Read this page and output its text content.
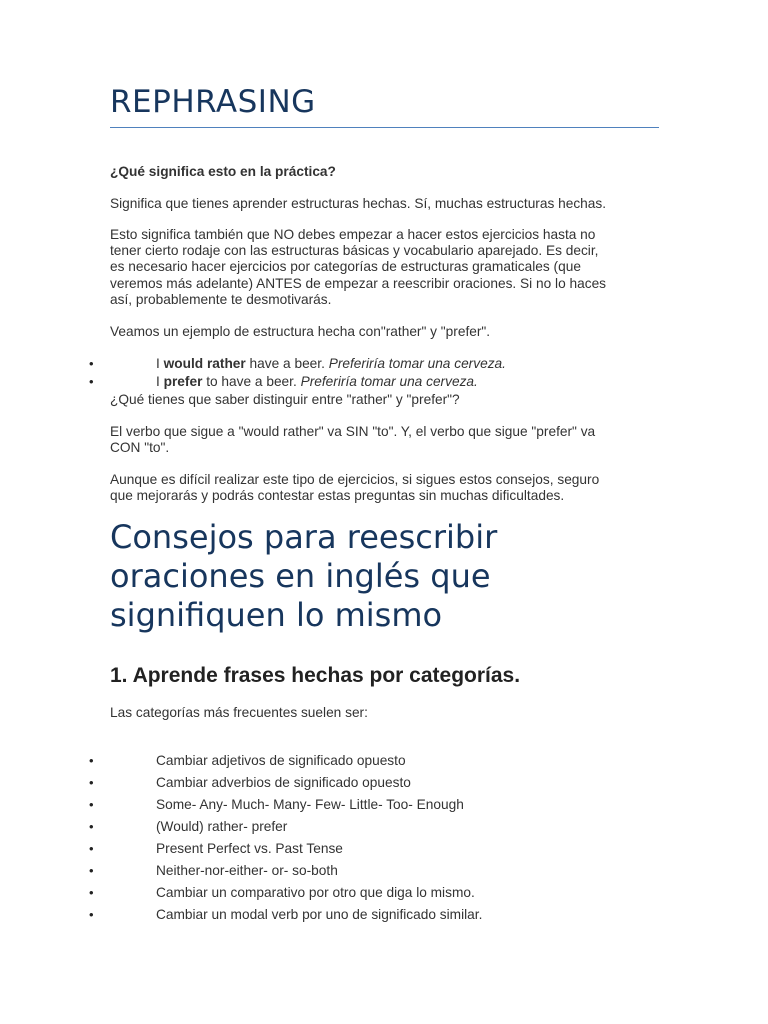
REPHRASING

¿Qué significa esto en la práctica?

Significa que tienes aprender estructuras hechas. Sí, muchas estructuras hechas.

Esto significa también que NO debes empezar a hacer estos ejercicios hasta no
tener cierto rodaje con las estructuras básicas y vocabulario aparejado. Es decir,
es necesario hacer ejercicios por categorías de estructuras gramaticales (que
veremos más adelante) ANTES de empezar a reescribir oraciones. Si no lo haces
así, probablemente te desmotivarás.

Veamos un ejemplo de estructura hecha con"rather" y "prefer".

•	I would rather have a beer. Preferiría tomar una cerveza.
•	I prefer to have a beer. Preferiría tomar una cerveza.

¿Qué tienes que saber distinguir entre "rather" y "prefer"?

El verbo que sigue a "would rather" va SIN "to". Y, el verbo que sigue "prefer" va
CON "to".

Aunque es difícil realizar este tipo de ejercicios, si sigues estos consejos, seguro
que mejorarás y podrás contestar estas preguntas sin muchas dificultades.

Consejos para reescribir
oraciones en inglés que
signifiquen lo mismo
1. Aprende frases hechas por categorías.

Las categorías más frecuentes suelen ser:

•	Cambiar adjetivos de significado opuesto
•	Cambiar adverbios de significado opuesto
•	Some- Any- Much- Many- Few- Little- Too- Enough
•	(Would) rather- prefer
•	Present Perfect vs. Past Tense
•	Neither-nor-either- or- so-both
•	Cambiar un comparativo por otro que diga lo mismo.
•	Cambiar un modal verb por uno de significado similar.
